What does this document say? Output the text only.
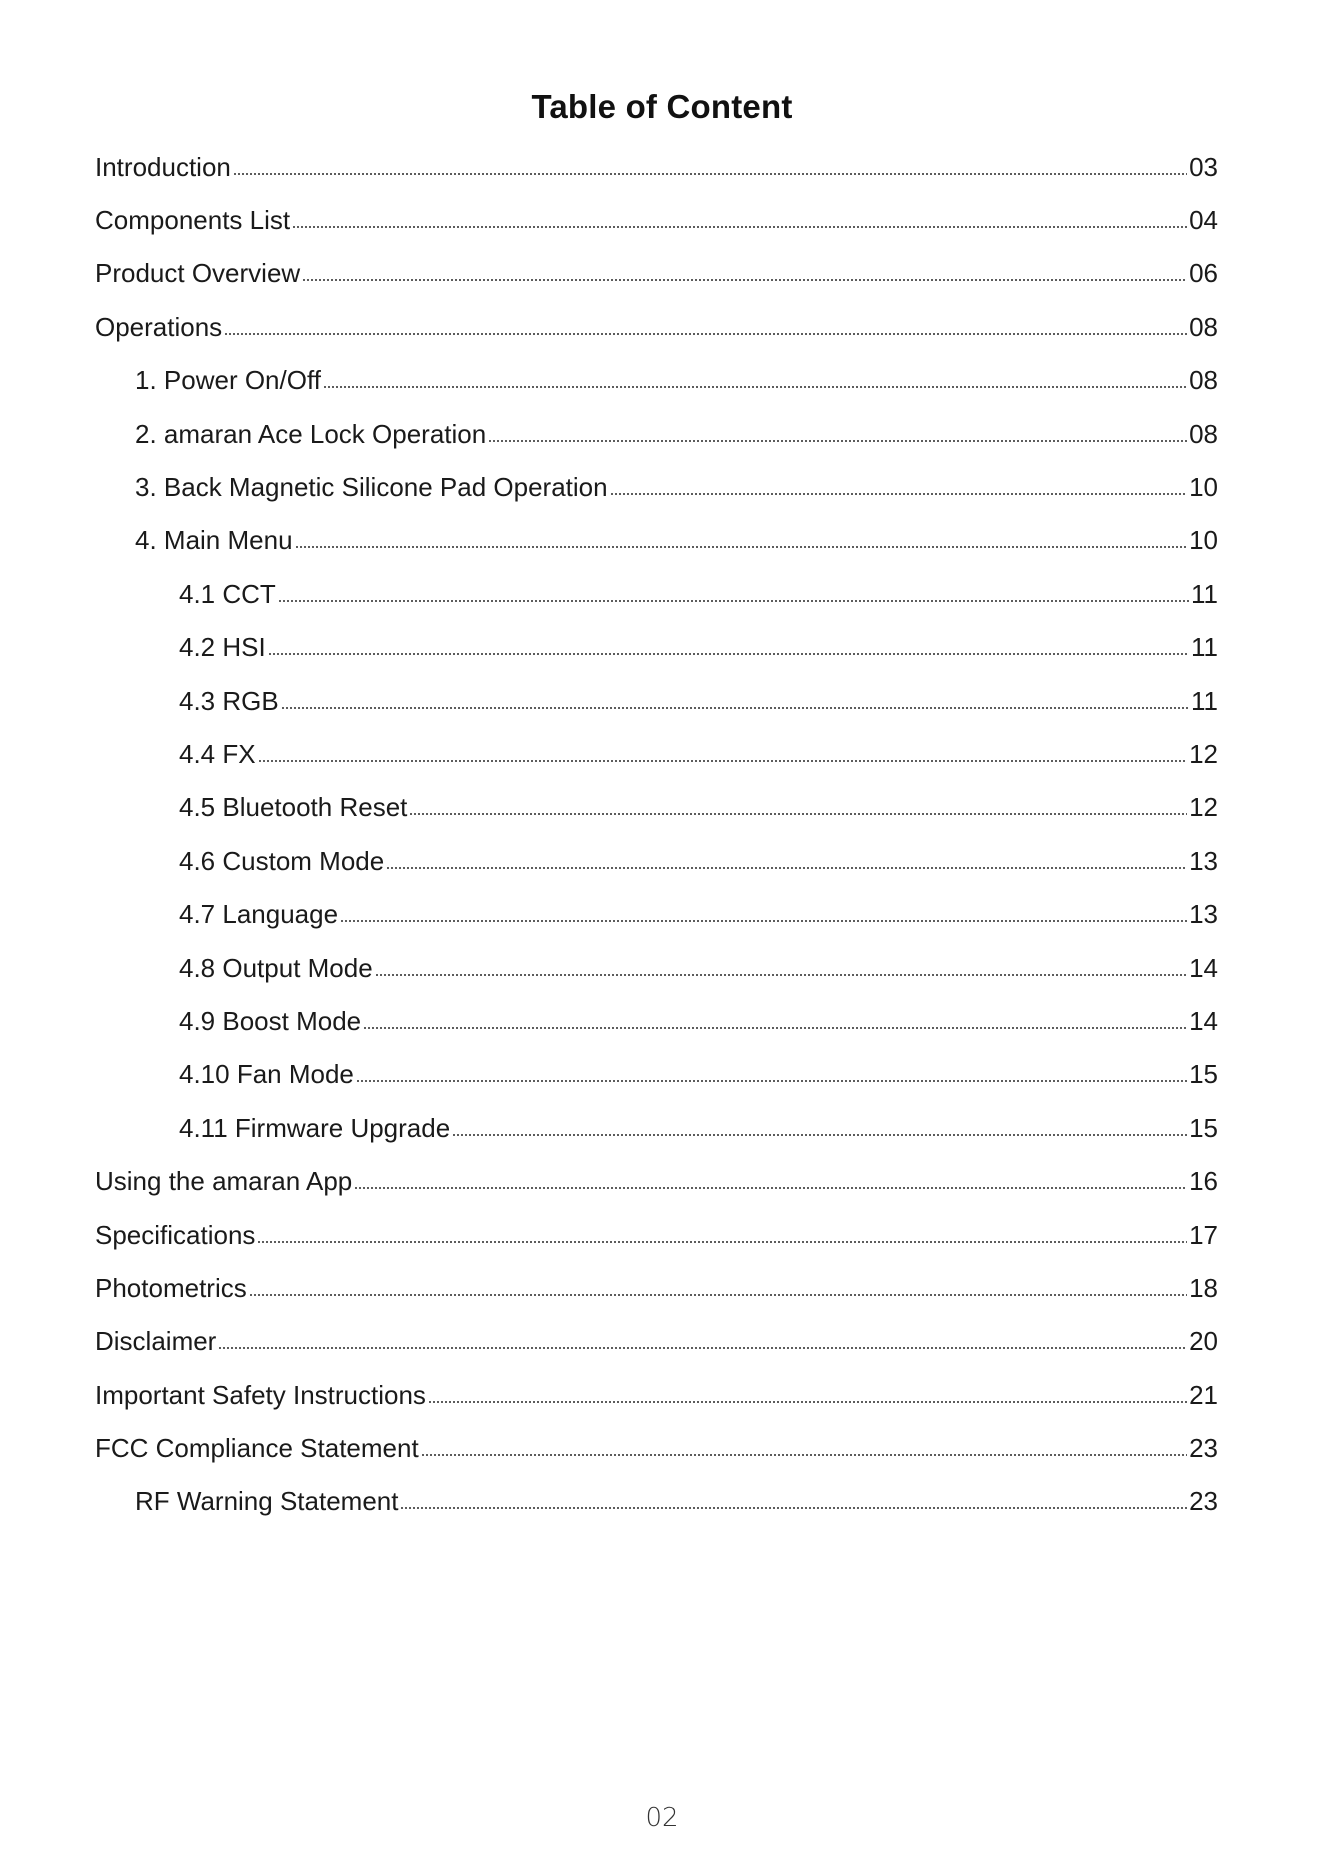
Table of Content
Introduction	03
Components List	04
Product Overview	06
Operations	08
1. Power On/Off	08
2. amaran Ace Lock Operation	08
3. Back Magnetic Silicone Pad Operation	10
4. Main Menu	10
4.1 CCT	11
4.2 HSI	11
4.3 RGB	11
4.4 FX	12
4.5 Bluetooth Reset	12
4.6 Custom Mode	13
4.7 Language	13
4.8 Output Mode	14
4.9 Boost Mode	14
4.10 Fan Mode	15
4.11 Firmware Upgrade	15
Using the amaran App	16
Specifications	17
Photometrics	18
Disclaimer	20
Important Safety Instructions	21
FCC Compliance Statement	23
RF Warning Statement	23
02
